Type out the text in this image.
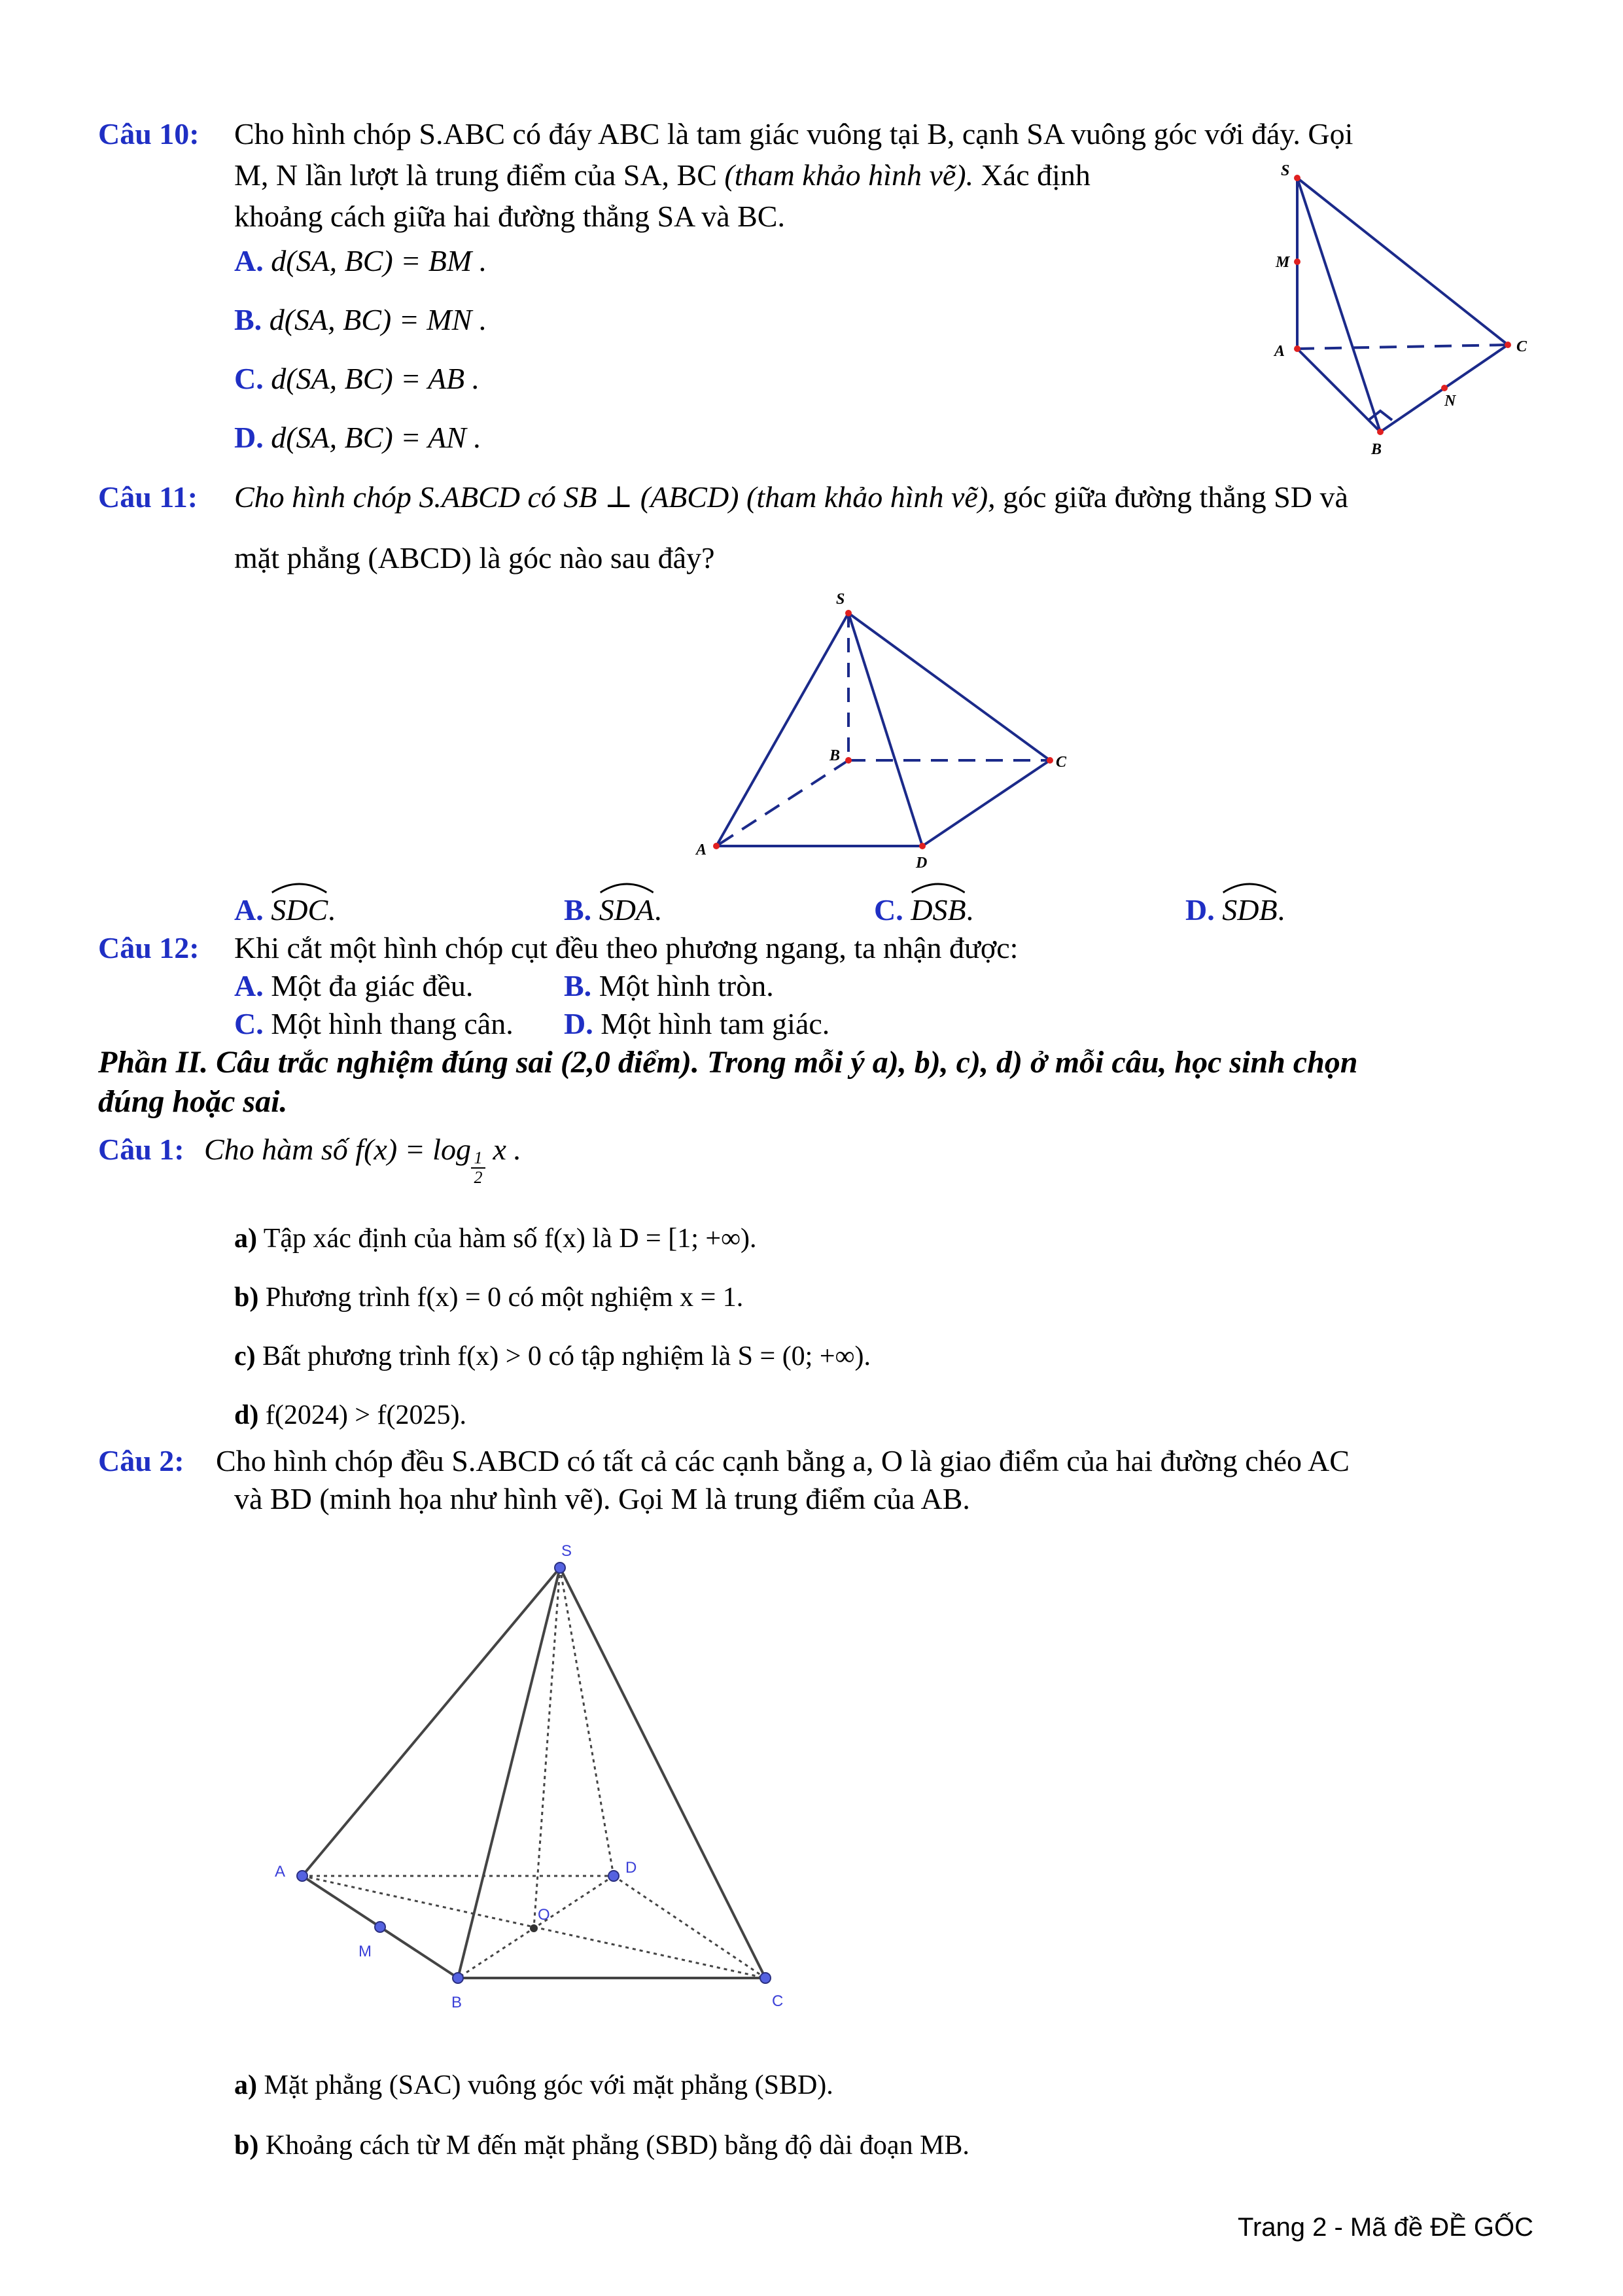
Câu 10: Cho hình chóp S.ABC có đáy ABC là tam giác vuông tại B, cạnh SA vuông góc với đáy. Gọi
M, N lần lượt là trung điểm của SA, BC (tham khảo hình vẽ). Xác định
khoảng cách giữa hai đường thẳng SA và BC.
A. d(SA, BC) = BM .
B. d(SA, BC) = MN .
C. d(SA, BC) = AB .
D. d(SA, BC) = AN .
S
M
A	C
N
B
Câu 11: Cho hình chóp S.ABCD có SB ⊥ (ABCD) (tham khảo hình vẽ), góc giữa đường thẳng SD và
mặt phẳng (ABCD) là góc nào sau đây?
S
B	C
A
D
A. SDC.	B. SDA.	C. DSB.	D. SDB.
Câu 12: Khi cắt một hình chóp cụt đều theo phương ngang, ta nhận được:
A. Một đa giác đều.	B. Một hình tròn.
C. Một hình thang cân. D. Một hình tam giác.
Phần II. Câu trắc nghiệm đúng sai (2,0 điểm). Trong mỗi ý a), b), c), d) ở mỗi câu, học sinh chọn
đúng hoặc sai.
Câu 1: Cho hàm số $f(x) = \log \frac{1}{2}$ x .
a) Tập xác định của hàm số f(x) là D = [1; +∞).
b) Phương trình f(x) = 0 có một nghiệm x = 1.
c) Bất phương trình f(x) > 0 có tập nghiệm là S = (0; +∞).
d) f(2024) > f(2025).
Câu 2: Cho hình chóp đều S.ABCD có tất cả các cạnh bằng a, O là giao điểm của hai đường chéo AC
và BD (minh họa như hình vẽ). Gọi M là trung điểm của AB.
S
A	D
O
M
B	C
a) Mặt phẳng (SAC) vuông góc với mặt phẳng (SBD).
b) Khoảng cách từ M đến mặt phẳng (SBD) bằng độ dài đoạn MB.
Trang 2 - Mã đề ĐỀ GỐC
